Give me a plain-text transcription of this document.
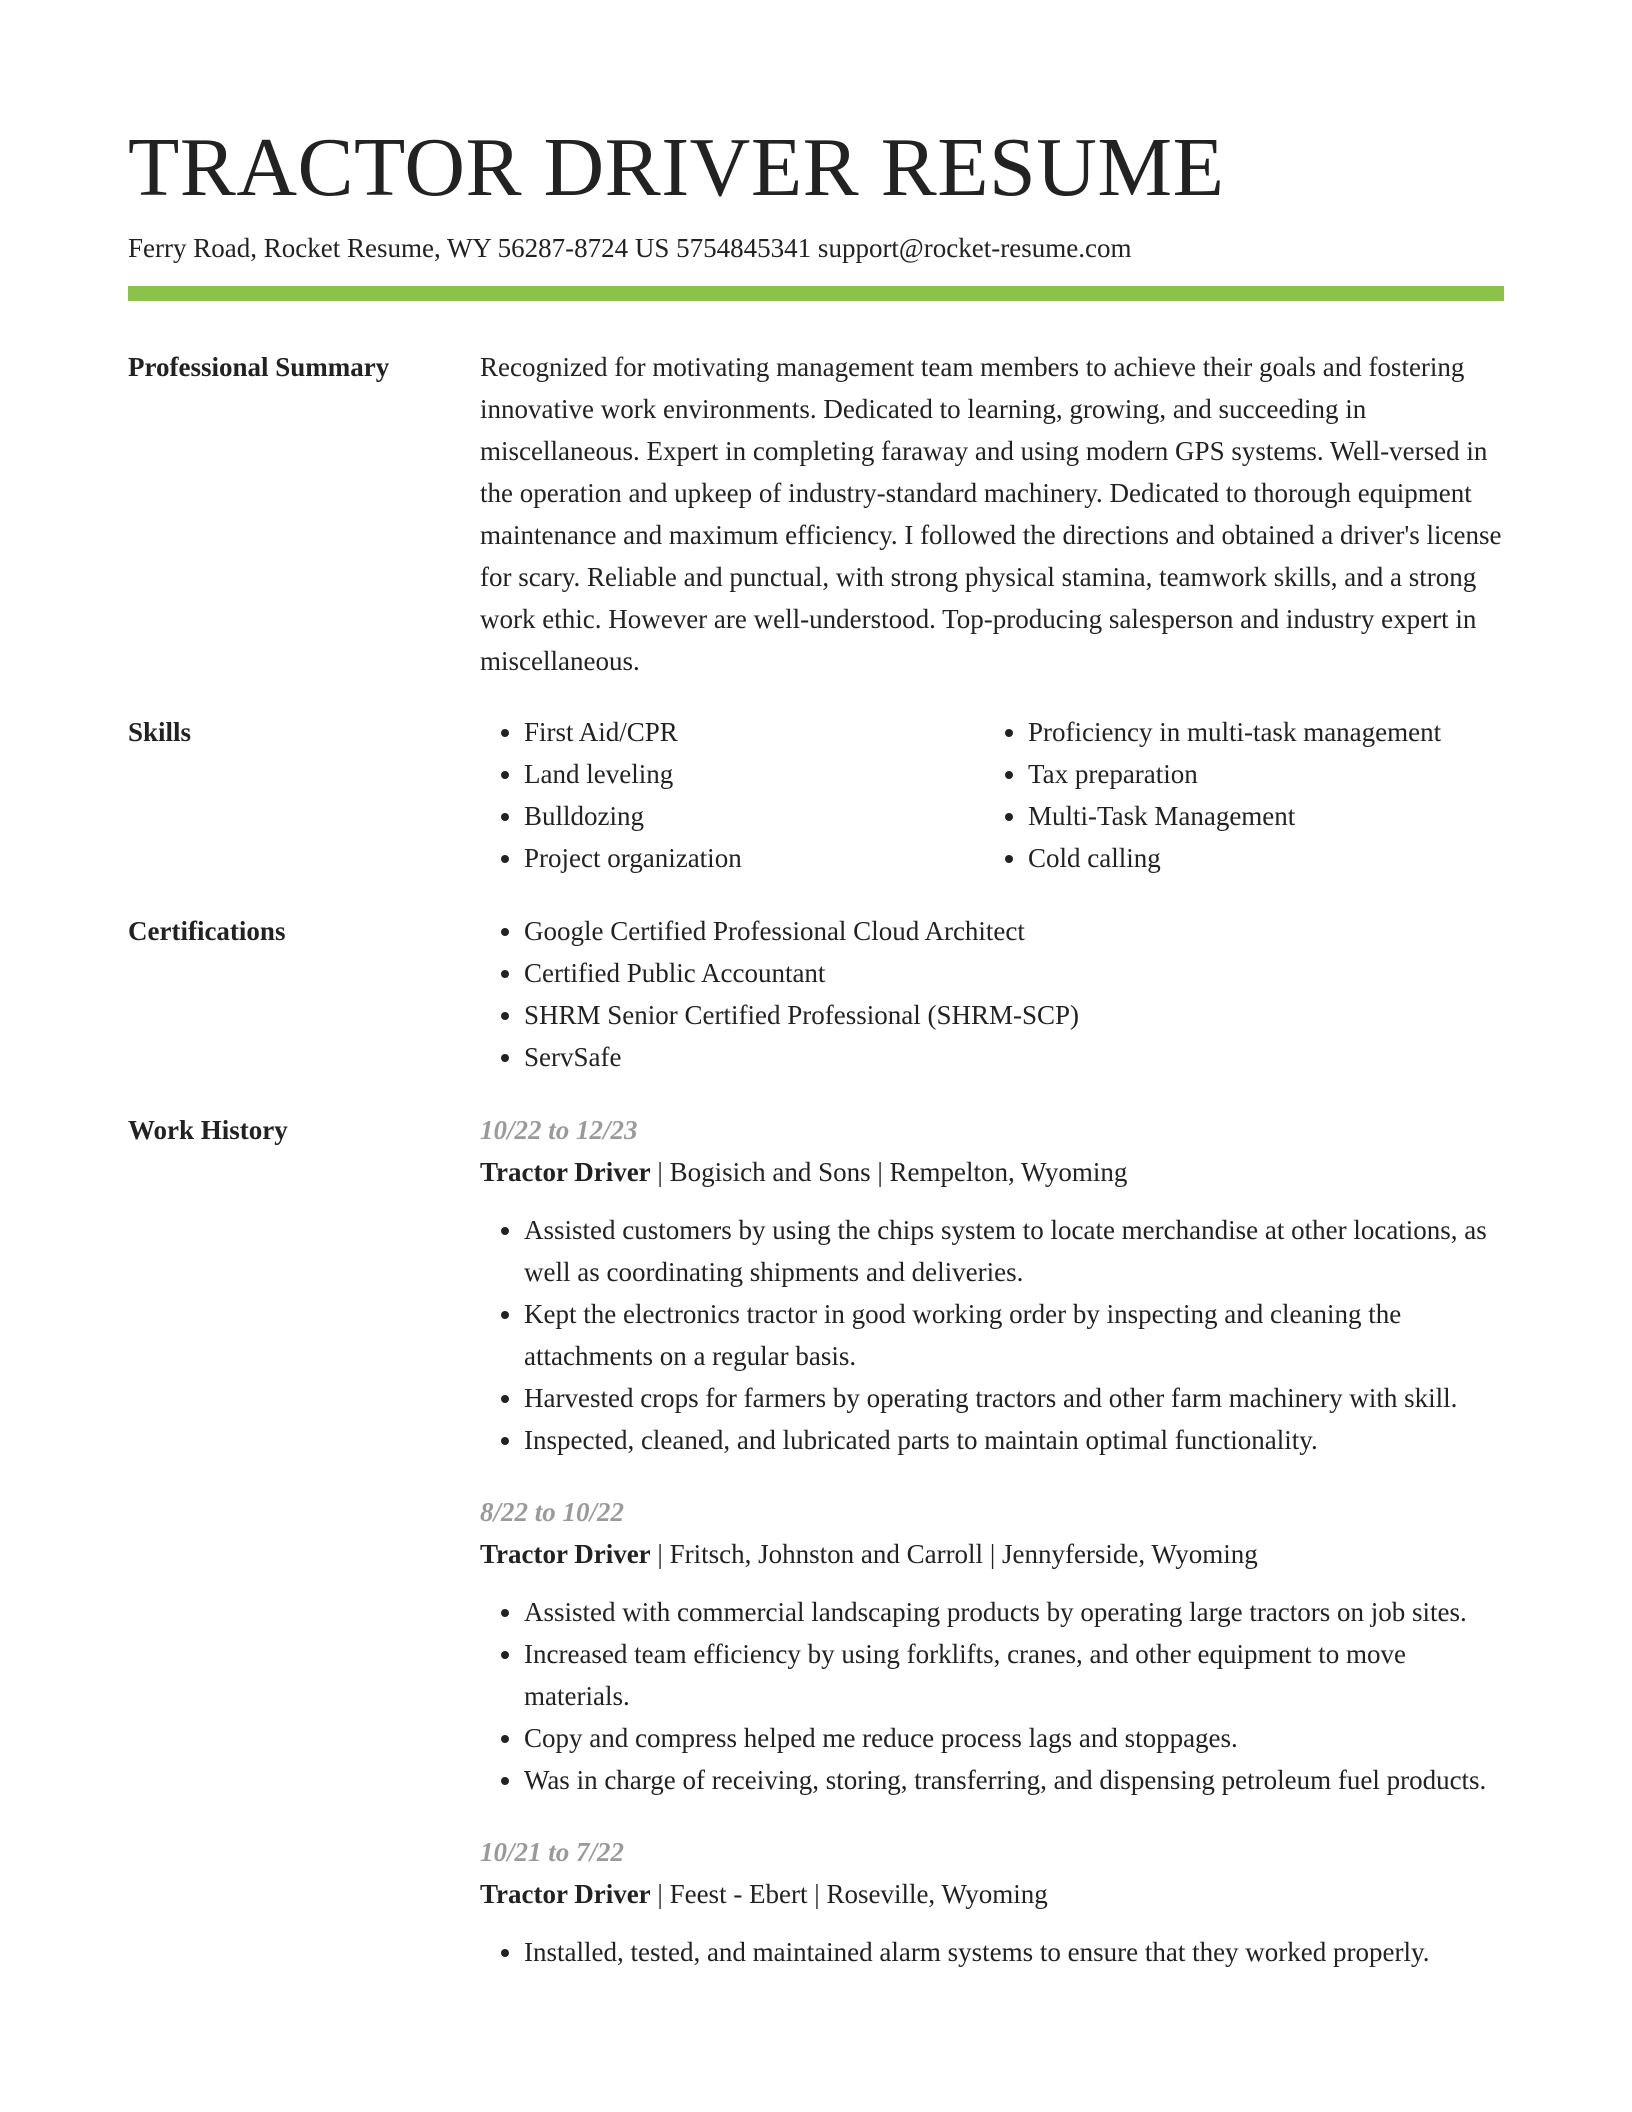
TRACTOR DRIVER RESUME
Ferry Road, Rocket Resume, WY 56287-8724 US 5754845341 support@rocket-resume.com
Professional Summary	Recognized for motivating management team members to achieve their goals and fostering innovative work environments. Dedicated to learning, growing, and succeeding in miscellaneous. Expert in completing faraway and using modern GPS systems. Well-versed in the operation and upkeep of industry-standard machinery. Dedicated to thorough equipment maintenance and maximum efficiency. I followed the directions and obtained a driver's license for scary. Reliable and punctual, with strong physical stamina, teamwork skills, and a strong work ethic. However are well-understood. Top-producing salesperson and industry expert in miscellaneous.

Skills	• First Aid/CPR
• Land leveling
• Bulldozing
• Project organization
• Proficiency in multi-task management
• Tax preparation
• Multi-Task Management
• Cold calling
Certifications	• Google Certified Professional Cloud Architect
• Certified Public Accountant
• SHRM Senior Certified Professional (SHRM-SCP)
• ServSafe
Work History	10/22 to 12/23
Tractor Driver | Bogisich and Sons | Rempelton, Wyoming
• Assisted customers by using the chips system to locate merchandise at other locations, as well as coordinating shipments and deliveries.
• Kept the electronics tractor in good working order by inspecting and cleaning the attachments on a regular basis.
• Harvested crops for farmers by operating tractors and other farm machinery with skill.
• Inspected, cleaned, and lubricated parts to maintain optimal functionality.
8/22 to 10/22
Tractor Driver | Fritsch, Johnston and Carroll | Jennyferside, Wyoming
• Assisted with commercial landscaping products by operating large tractors on job sites.
• Increased team efficiency by using forklifts, cranes, and other equipment to move materials.
• Copy and compress helped me reduce process lags and stoppages.
• Was in charge of receiving, storing, transferring, and dispensing petroleum fuel products.
10/21 to 7/22
Tractor Driver | Feest - Ebert | Roseville, Wyoming
• Installed, tested, and maintained alarm systems to ensure that they worked properly.
